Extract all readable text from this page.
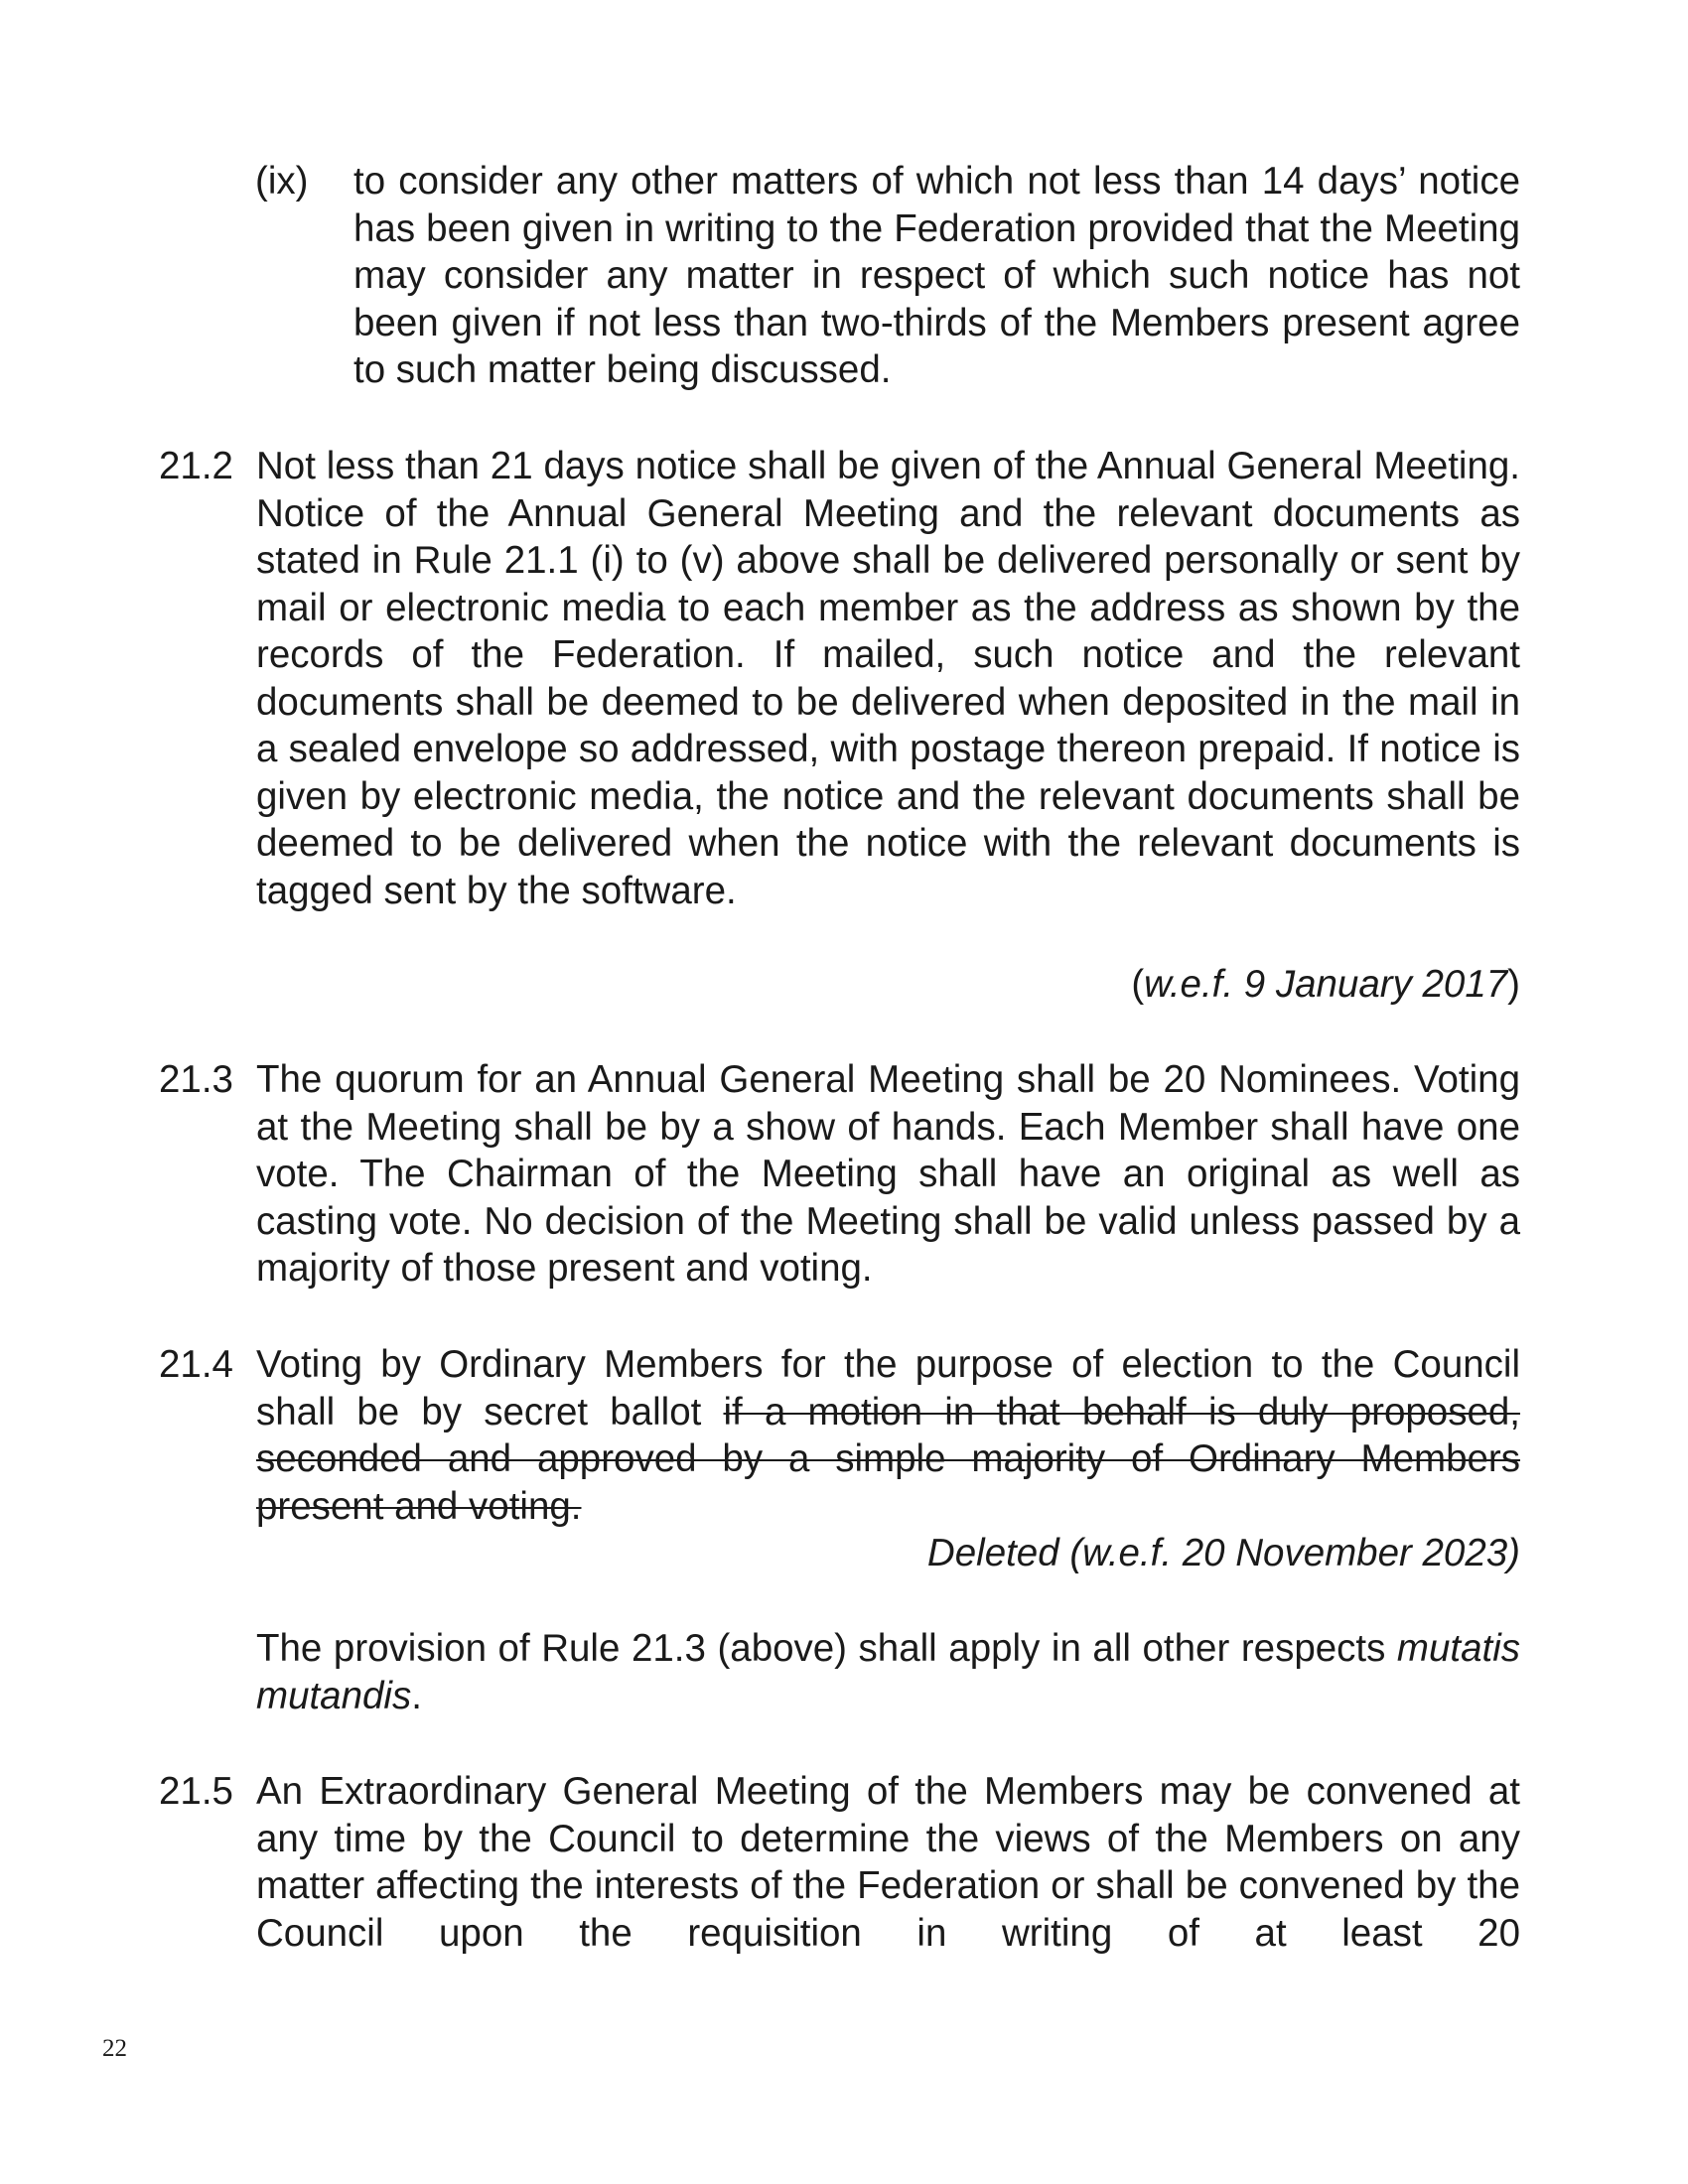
(ix) to consider any other matters of which not less than 14 days’ notice has been given in writing to the Federation provided that the Meeting may consider any matter in respect of which such notice has not been given if not less than two-thirds of the Members present agree to such matter being discussed.

21.2 Not less than 21 days notice shall be given of the Annual General Meeting. Notice of the Annual General Meeting and the relevant documents as stated in Rule 21.1 (i) to (v) above shall be delivered personally or sent by mail or electronic media to each member as the address as shown by the records of the Federation. If mailed, such notice and the relevant documents shall be deemed to be delivered when deposited in the mail in a sealed envelope so addressed, with postage thereon prepaid. If notice is given by electronic media, the notice and the relevant documents shall be deemed to be delivered when the notice with the relevant documents is tagged sent by the software.

(w.e.f. 9 January 2017)

21.3 The quorum for an Annual General Meeting shall be 20 Nominees. Voting at the Meeting shall be by a show of hands. Each Member shall have one vote. The Chairman of the Meeting shall have an original as well as casting vote. No decision of the Meeting shall be valid unless passed by a majority of those present and voting.

21.4 Voting by Ordinary Members for the purpose of election to the Council shall be by secret ballot if a motion in that behalf is duly proposed, seconded and approved by a simple majority of Ordinary Members present and voting.

Deleted (w.e.f. 20 November 2023)

The provision of Rule 21.3 (above) shall apply in all other respects mutatis mutandis.

21.5 An Extraordinary General Meeting of the Members may be convened at any time by the Council to determine the views of the Members on any matter affecting the interests of the Federation or shall be convened by the Council upon the requisition in writing of at least 20

22
